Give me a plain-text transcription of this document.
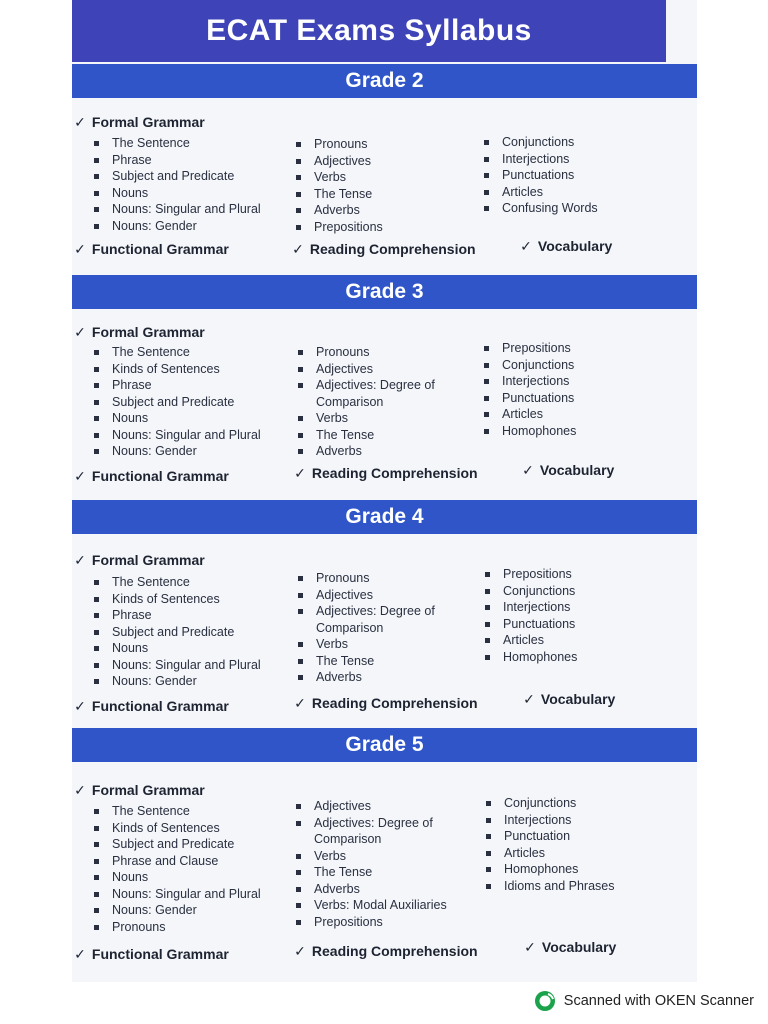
ECAT Exams Syllabus
Grade 2
✓ Formal Grammar
The Sentence
Phrase
Subject and Predicate
Nouns
Nouns: Singular and Plural
Nouns: Gender
Pronouns
Adjectives
Verbs
The Tense
Adverbs
Prepositions
Conjunctions
Interjections
Punctuations
Articles
Confusing Words
✓ Functional Grammar	✓ Reading Comprehension	✓ Vocabulary
Grade 3
✓ Formal Grammar
The Sentence
Kinds of Sentences
Phrase
Subject and Predicate
Nouns
Nouns: Singular and Plural
Nouns: Gender
Pronouns
Adjectives
Adjectives: Degree of
Comparison
Verbs
The Tense
Adverbs
Prepositions
Conjunctions
Interjections
Punctuations
Articles
Homophones
✓ Functional Grammar	✓ Reading Comprehension	✓ Vocabulary
Grade 4
✓ Formal Grammar
The Sentence
Kinds of Sentences
Phrase
Subject and Predicate
Nouns
Nouns: Singular and Plural
Nouns: Gender
Pronouns
Adjectives
Adjectives: Degree of
Comparison
Verbs
The Tense
Adverbs
Prepositions
Conjunctions
Interjections
Punctuations
Articles
Homophones
✓ Functional Grammar	✓ Reading Comprehension	✓ Vocabulary
Grade 5
✓ Formal Grammar
The Sentence
Kinds of Sentences
Subject and Predicate
Phrase and Clause
Nouns
Nouns: Singular and Plural
Nouns: Gender
Pronouns
Adjectives
Adjectives: Degree of
Comparison
Verbs
The Tense
Adverbs
Verbs: Modal Auxiliaries
Prepositions
Conjunctions
Interjections
Punctuation
Articles
Homophones
Idioms and Phrases
✓ Functional Grammar	✓ Reading Comprehension	✓ Vocabulary
Scanned with OKEN Scanner
